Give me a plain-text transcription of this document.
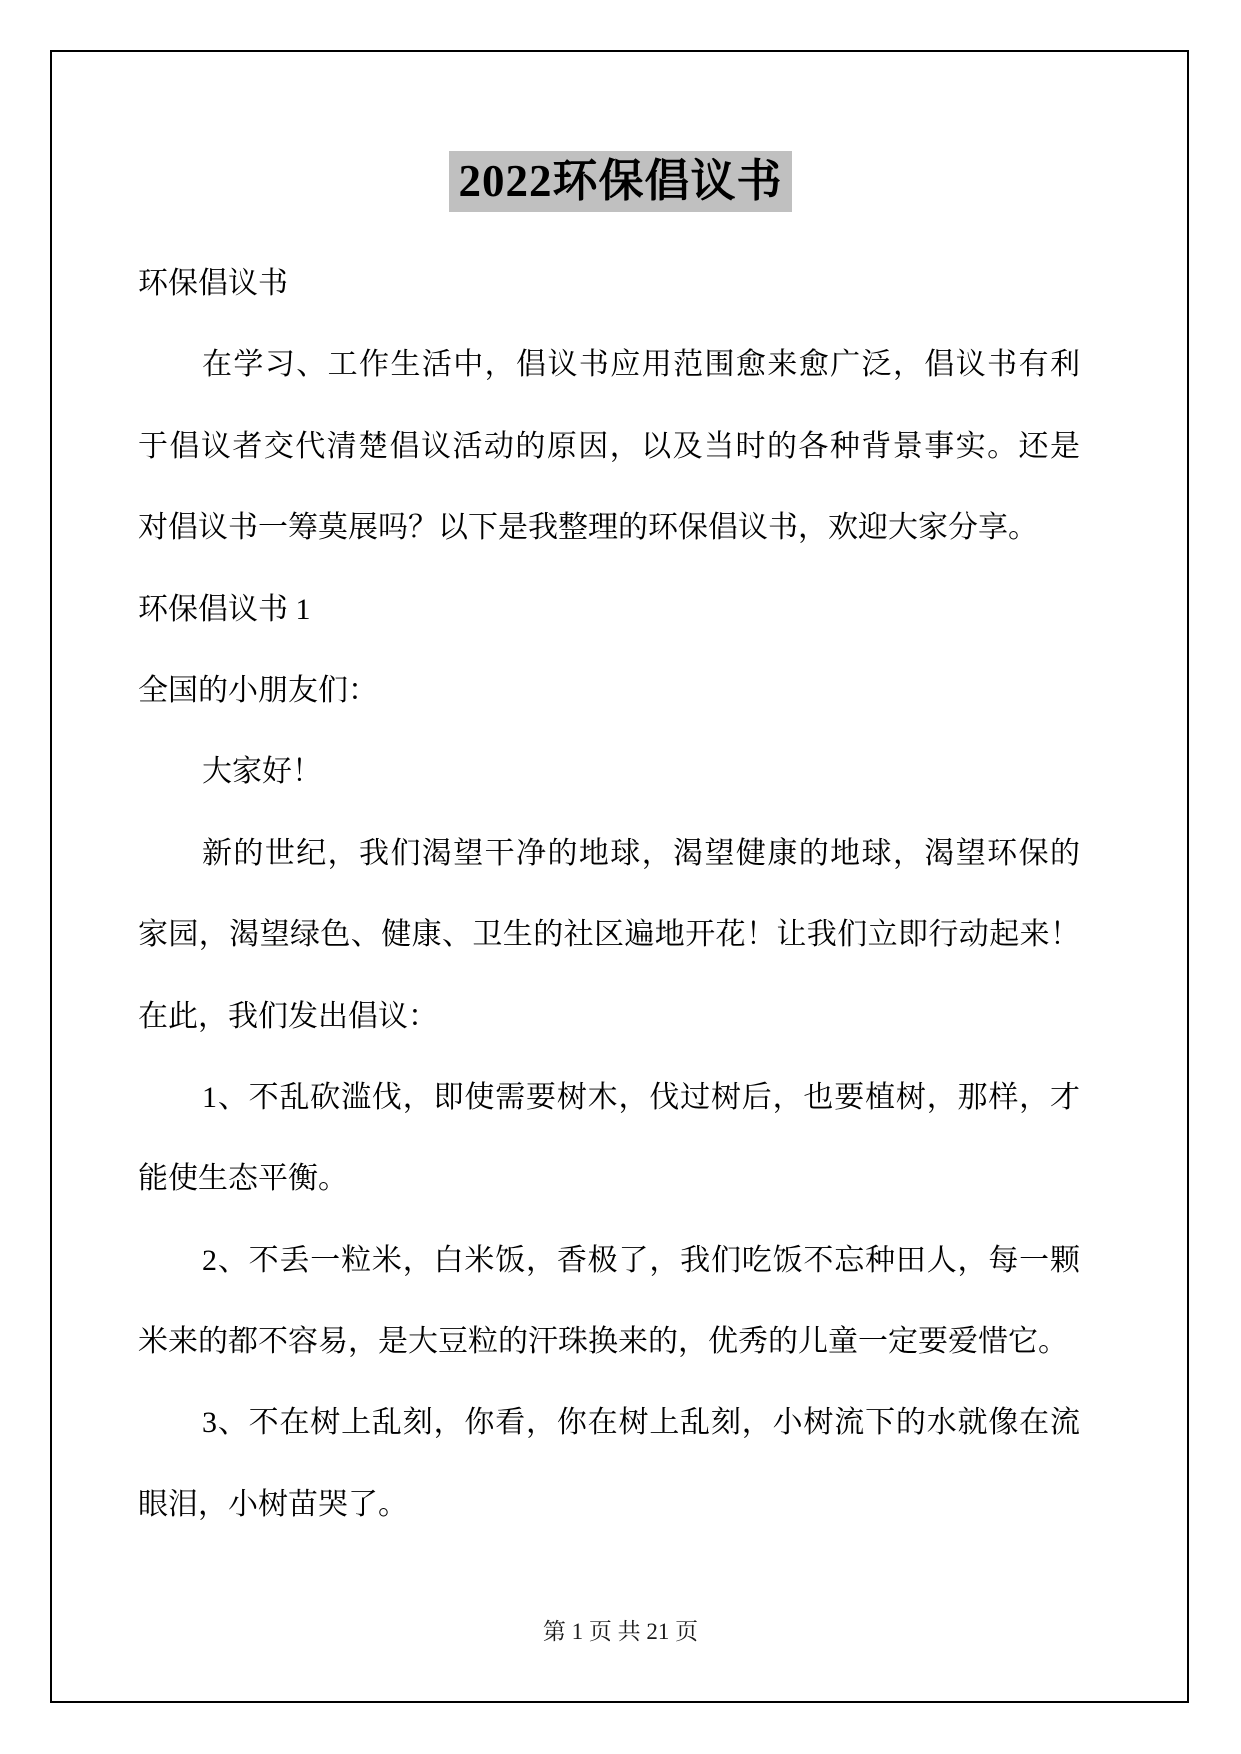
2022环保倡议书
环保倡议书
在学习、工作生活中，倡议书应用范围愈来愈广泛，倡议书有利
于倡议者交代清楚倡议活动的原因，以及当时的各种背景事实。还是
对倡议书一筹莫展吗？以下是我整理的环保倡议书，欢迎大家分享。
环保倡议书 1
全国的小朋友们：
大家好！
新的世纪，我们渴望干净的地球，渴望健康的地球，渴望环保的
家园，渴望绿色、健康、卫生的社区遍地开花！让我们立即行动起来！
在此，我们发出倡议：
1、不乱砍滥伐，即使需要树木，伐过树后，也要植树，那样，才
能使生态平衡。
2、不丢一粒米，白米饭，香极了，我们吃饭不忘种田人，每一颗
米来的都不容易，是大豆粒的汗珠换来的，优秀的儿童一定要爱惜它。
3、不在树上乱刻，你看，你在树上乱刻，小树流下的水就像在流
眼泪，小树苗哭了。
第 1 页 共 21 页
